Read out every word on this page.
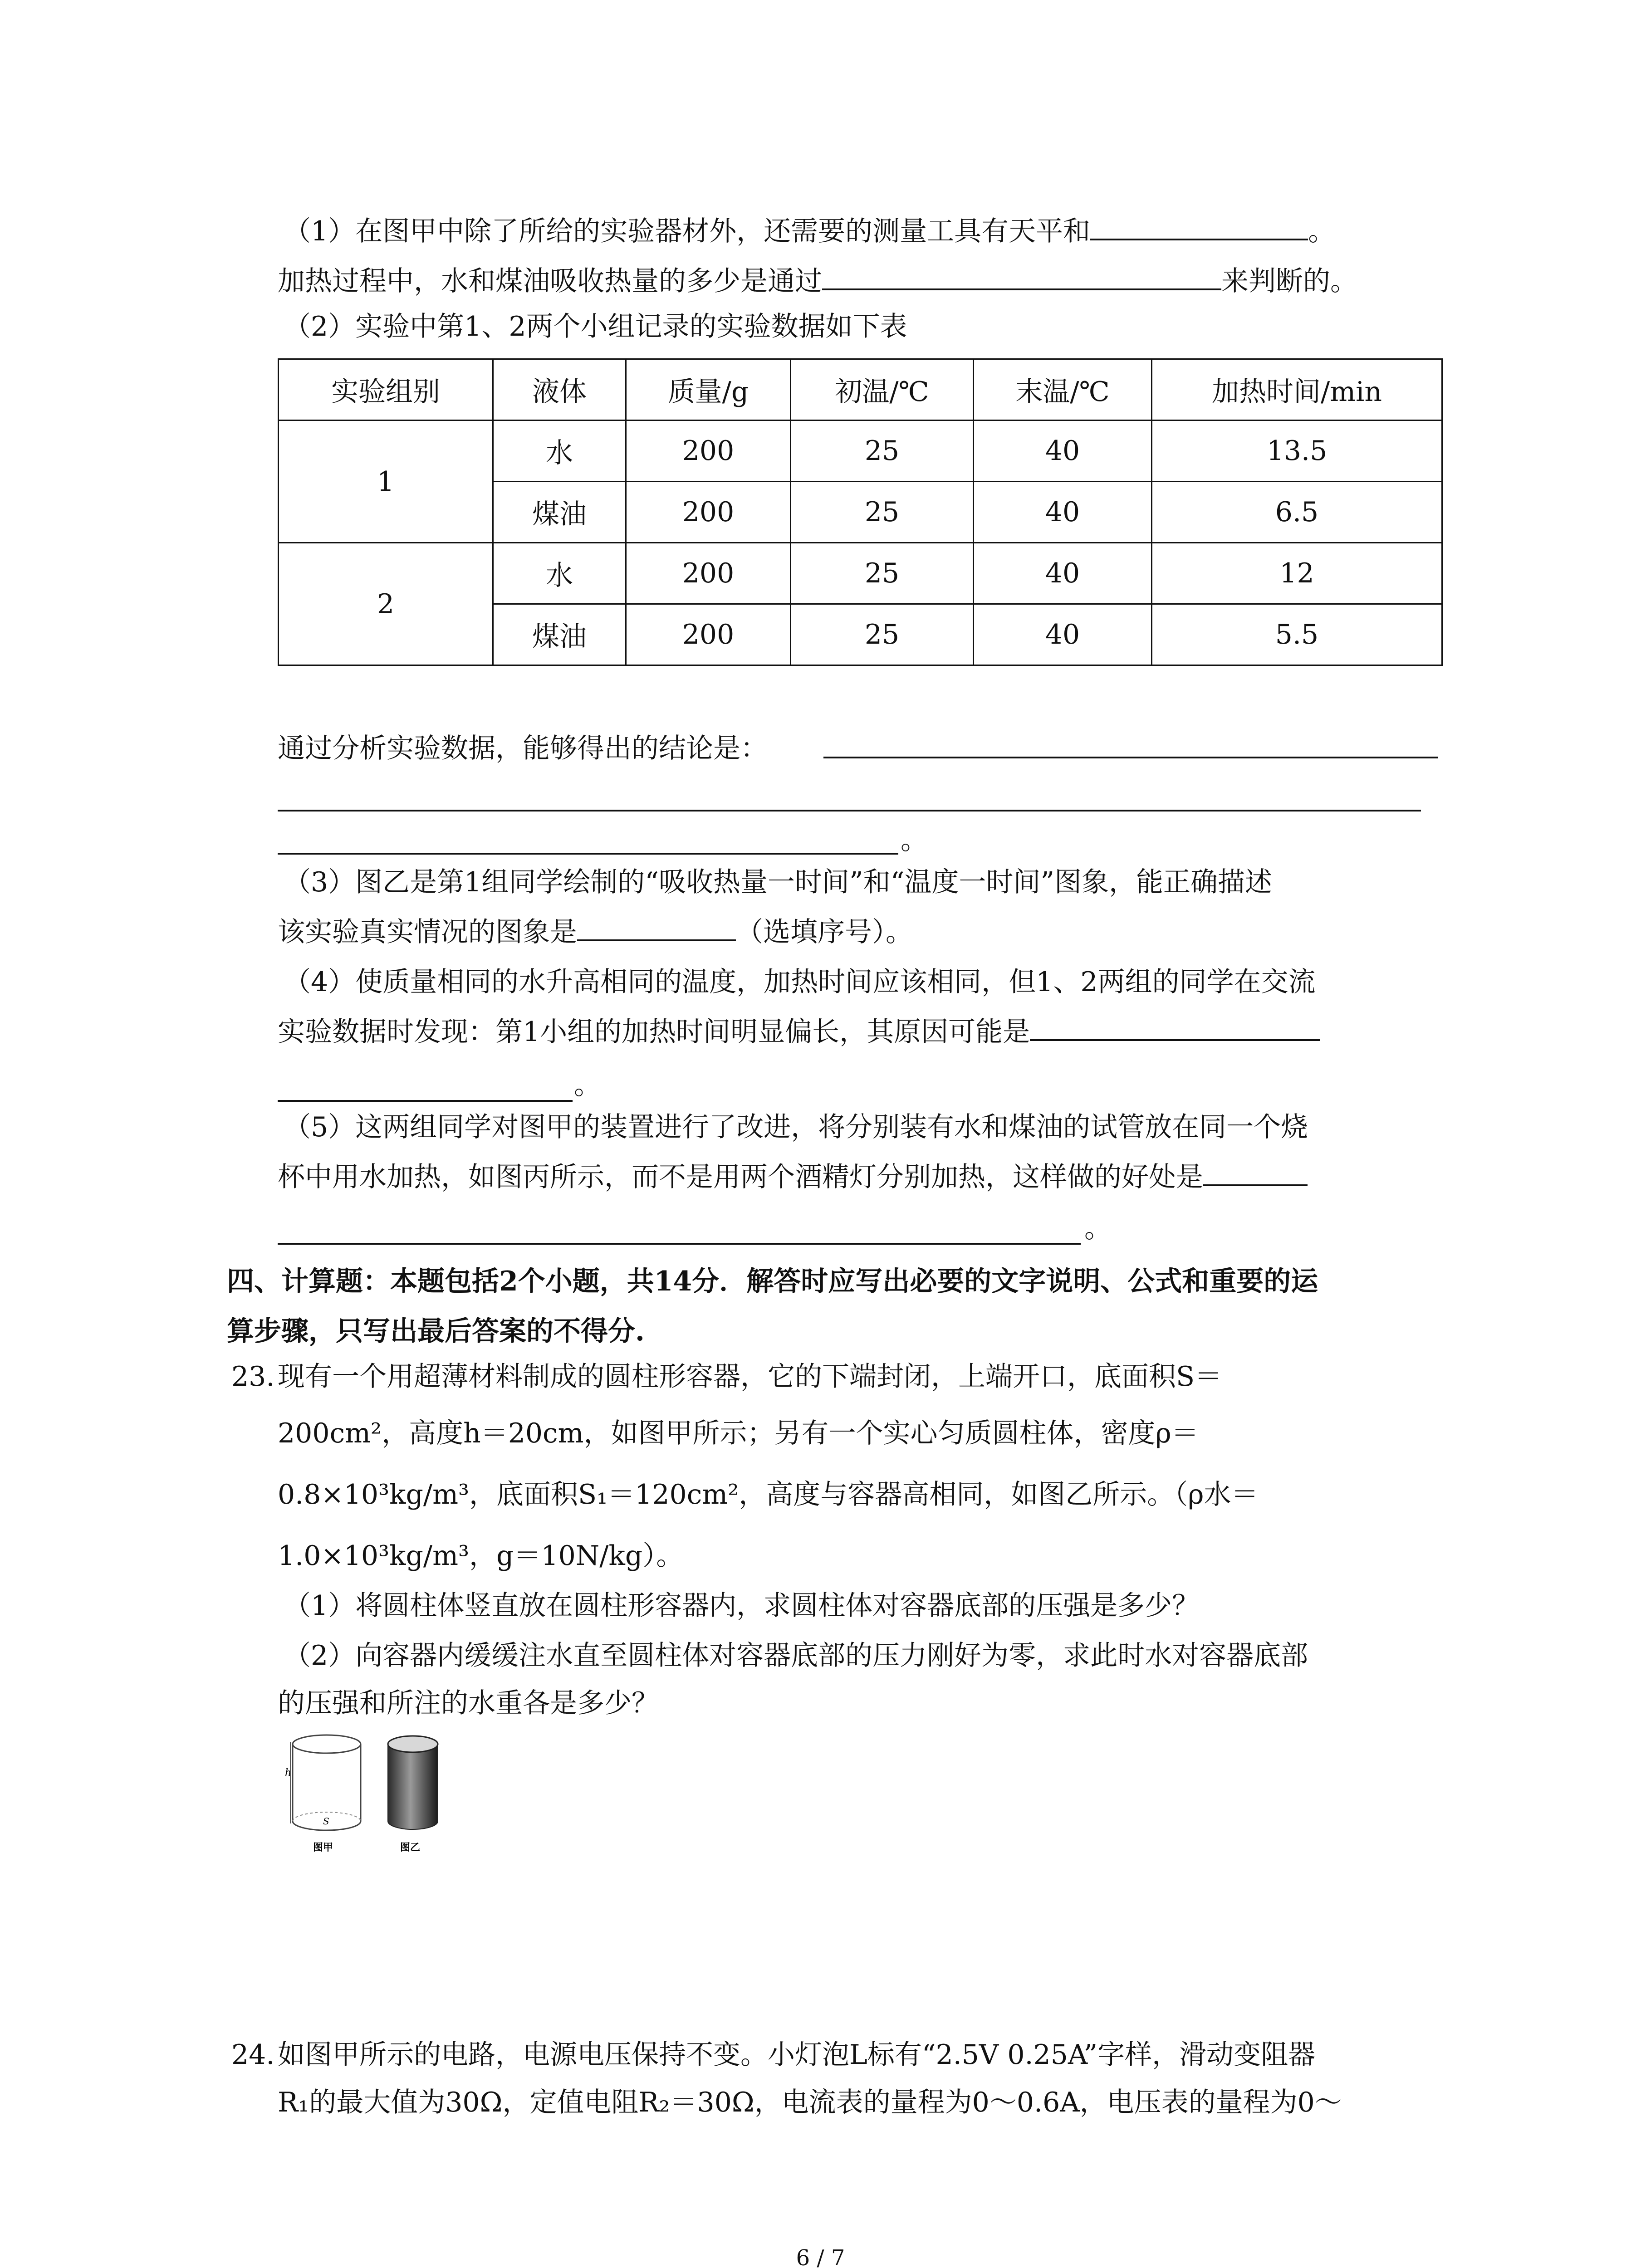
（1）在图甲中除了所给的实验器材外，还需要的测量工具有天平和	。
加热过程中，水和煤油吸收热量的多少是通过	来判断的。
（2）实验中第1、2两个小组记录的实验数据如下表
实验组别	液体	质量/g	初温/℃	末温/℃	加热时间/min
1	水	200	25	40	13.5
	煤油	200	25	40	6.5
2	水	200	25	40	12
	煤油	200	25	40	5.5
通过分析实验数据，能够得出的结论是：
。
（3）图乙是第1组同学绘制的“吸收热量一时间”和“温度一时间”图象，能正确描述
该实验真实情况的图象是	（选填序号）。
（4）使质量相同的水升高相同的温度，加热时间应该相同，但1、2两组的同学在交流
实验数据时发现：第1小组的加热时间明显偏长，其原因可能是
。
（5）这两组同学对图甲的装置进行了改进，将分别装有水和煤油的试管放在同一个烧
杯中用水加热，如图丙所示，而不是用两个酒精灯分别加热，这样做的好处是
。
四、计算题：本题包括2个小题，共14分．解答时应写出必要的文字说明、公式和重要的运
算步骤，只写出最后答案的不得分.
23. 现有一个用超薄材料制成的圆柱形容器，它的下端封闭，上端开口，底面积S＝
200cm²，高度h＝20cm，如图甲所示；另有一个实心匀质圆柱体，密度ρ＝
0.8×10³kg/m³，底面积S₁＝120cm²，高度与容器高相同，如图乙所示。（ρ水＝
1.0×10³kg/m³，g＝10N/kg）。
（1）将圆柱体竖直放在圆柱形容器内，求圆柱体对容器底部的压强是多少？
（2）向容器内缓缓注水直至圆柱体对容器底部的压力刚好为零，求此时水对容器底部
的压强和所注的水重各是多少？
h
S
图甲	图乙
24. 如图甲所示的电路，电源电压保持不变。小灯泡L标有“2.5V 0.25A”字样，滑动变阻器
R₁的最大值为30Ω，定值电阻R₂＝30Ω，电流表的量程为0～0.6A，电压表的量程为0～
6 / 7
